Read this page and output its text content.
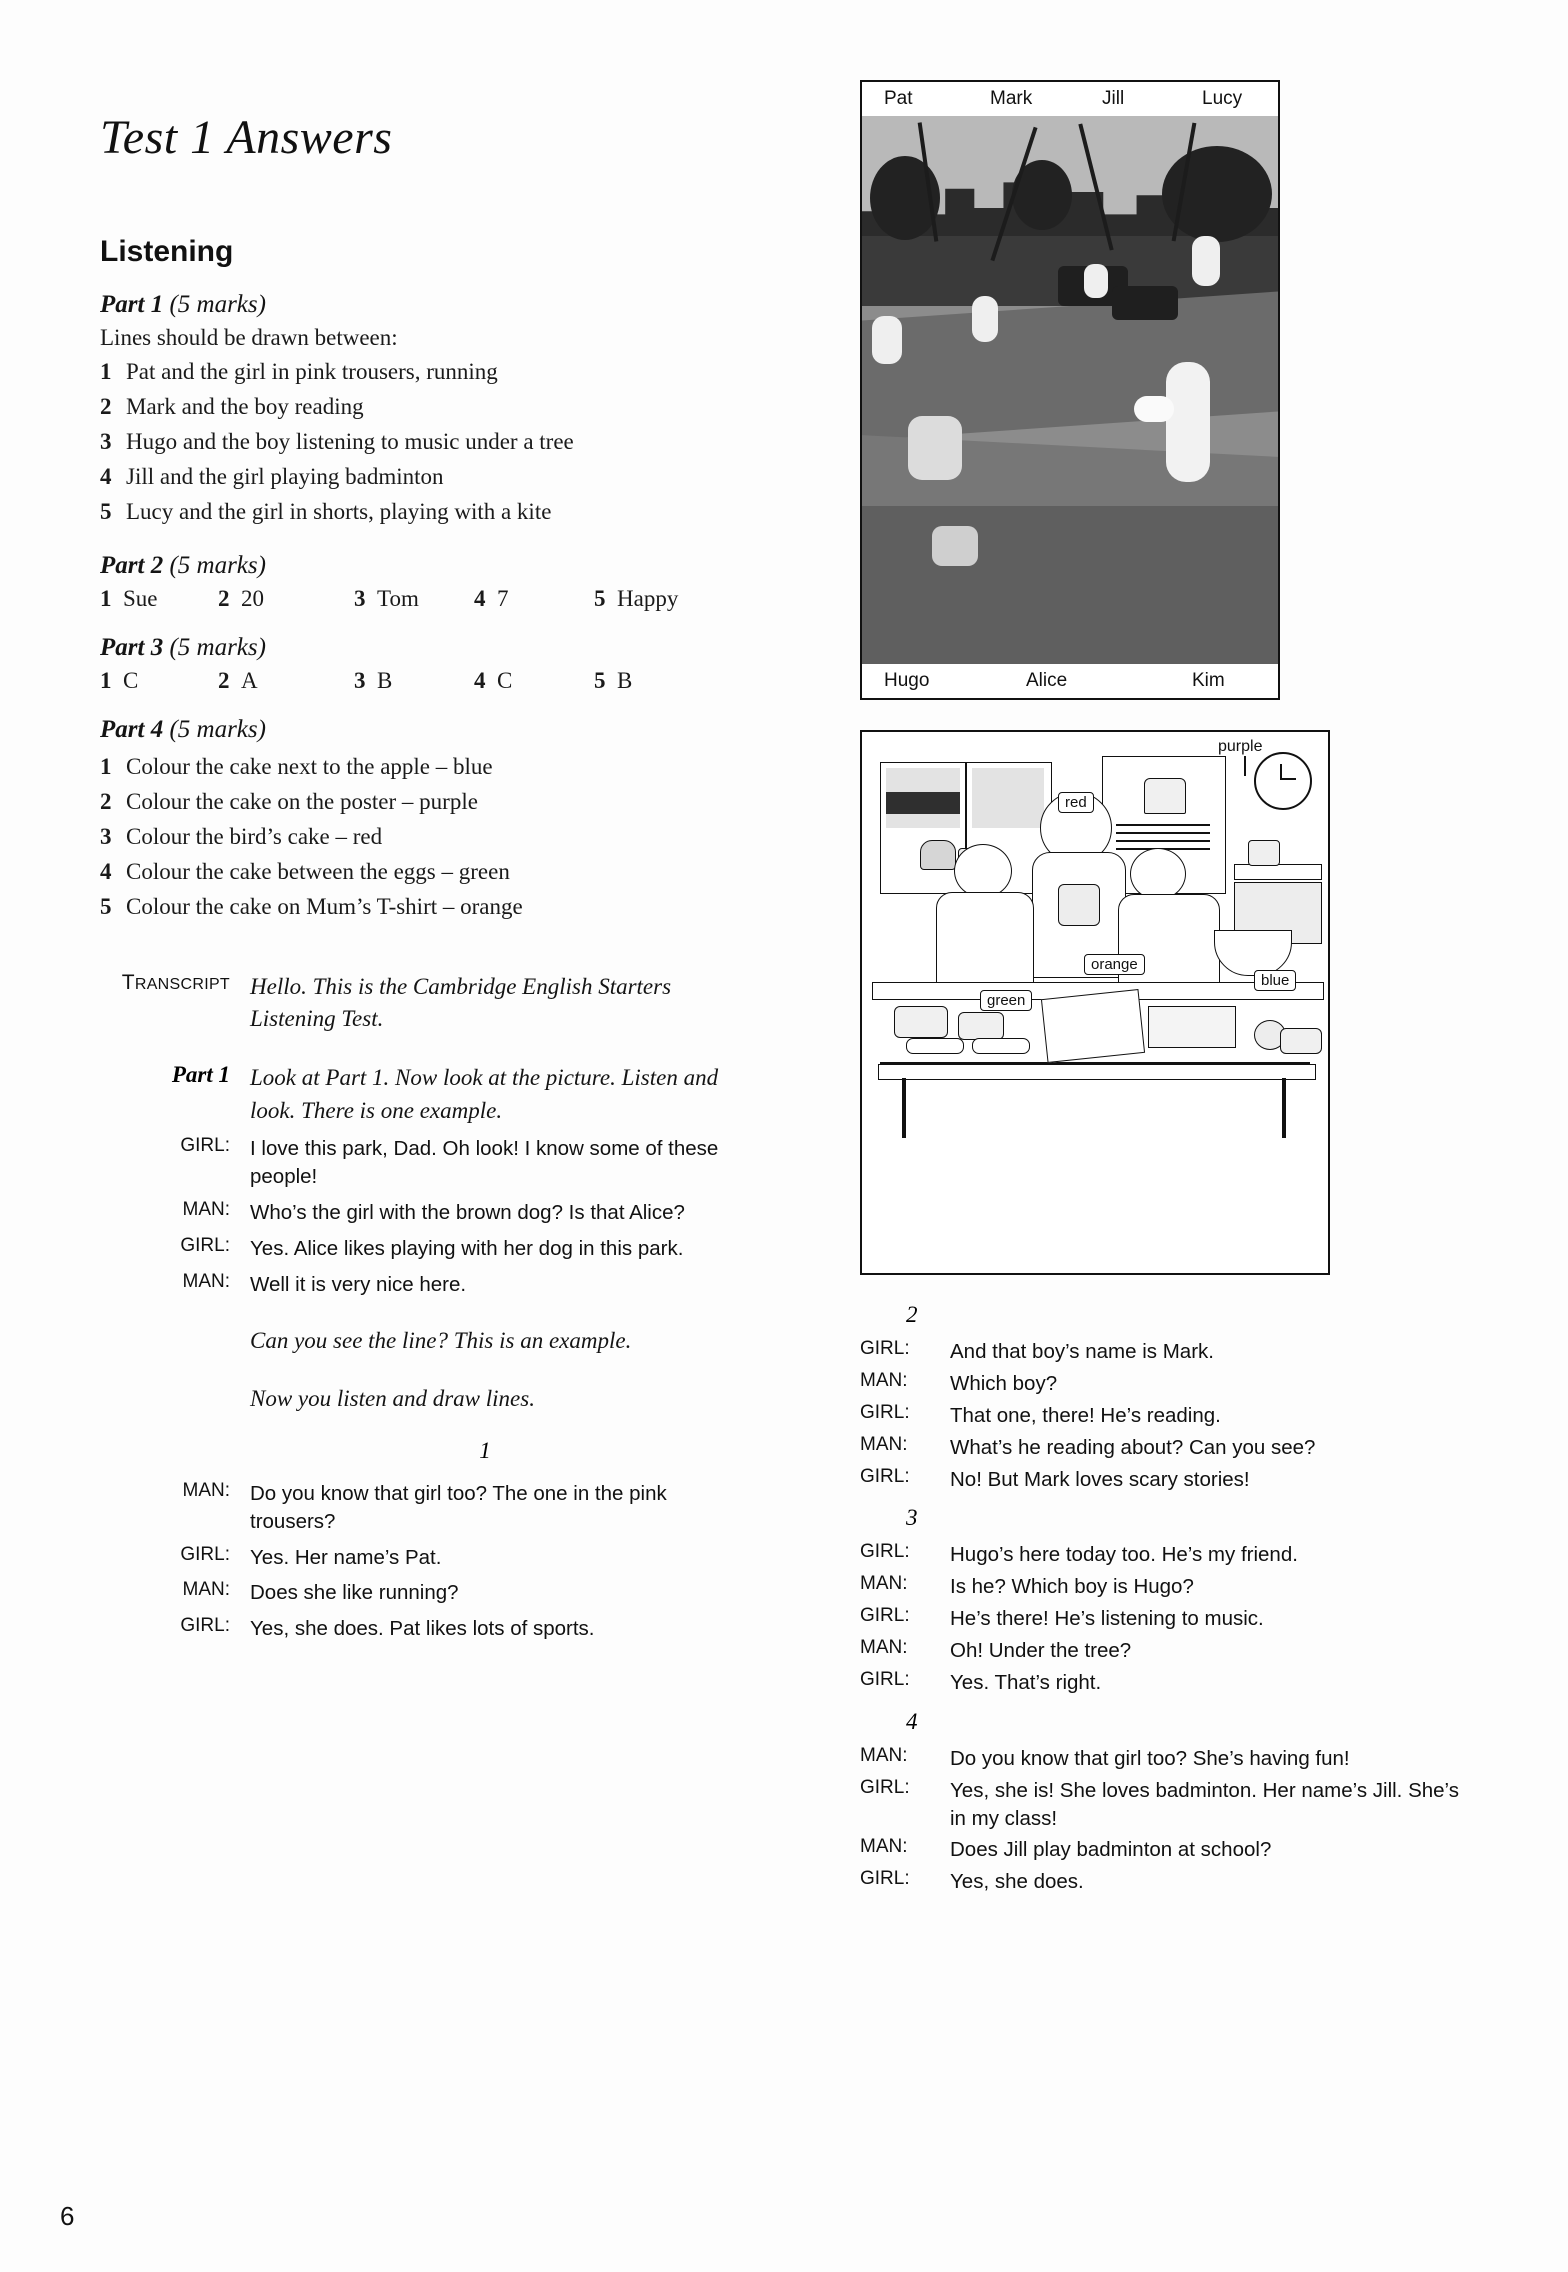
Test 1 Answers
Listening
Part 1 (5 marks)

Lines should be drawn between:

1 Pat and the girl in pink trousers, running
2 Mark and the boy reading
3 Hugo and the boy listening to music under a tree
4 Jill and the girl playing badminton
5 Lucy and the girl in shorts, playing with a kite
Part 2 (5 marks)
1 Sue	2 20	3 Tom	4 7	5 Happy
Part 3 (5 marks)
1 C	2 A	3 B	4 C	5 B
Part 4 (5 marks)
1 Colour the cake next to the apple – blue
2 Colour the cake on the poster – purple
3 Colour the bird’s cake – red
4 Colour the cake between the eggs – green
5 Colour the cake on Mum’s T-shirt – orange
TRANSCRIPT Hello. This is the Cambridge English Starters Listening Test.
Part 1 Look at Part 1. Now look at the picture. Listen and look. There is one example.
GIRL: I love this park, Dad. Oh look! I know some of these people!
MAN: Who’s the girl with the brown dog? Is that Alice?
GIRL: Yes. Alice likes playing with her dog in this park.
MAN: Well it is very nice here.
Can you see the line? This is an example.
Now you listen and draw lines.
1
MAN: Do you know that girl too? The one in the pink trousers?
GIRL: Yes. Her name’s Pat.
MAN: Does she like running?
GIRL: Yes, she does. Pat likes lots of sports.
Pat	Mark	Jill	Lucy
Hugo	Alice	Kim
purple
red
orange
blue
green
2
GIRL:	And that boy’s name is Mark.
MAN:	Which boy?
GIRL:	That one, there! He’s reading.
MAN:	What’s he reading about? Can you see?
GIRL:	No! But Mark loves scary stories!
3
GIRL:	Hugo’s here today too. He’s my friend.
MAN:	Is he? Which boy is Hugo?
GIRL:	He’s there! He’s listening to music.
MAN:	Oh! Under the tree?
GIRL:	Yes. That’s right.
4
MAN:	Do you know that girl too? She’s having fun!
GIRL:	Yes, she is! She loves badminton. Her name’s Jill. She’s in my class!
MAN:	Does Jill play badminton at school?
GIRL:	Yes, she does.
6
